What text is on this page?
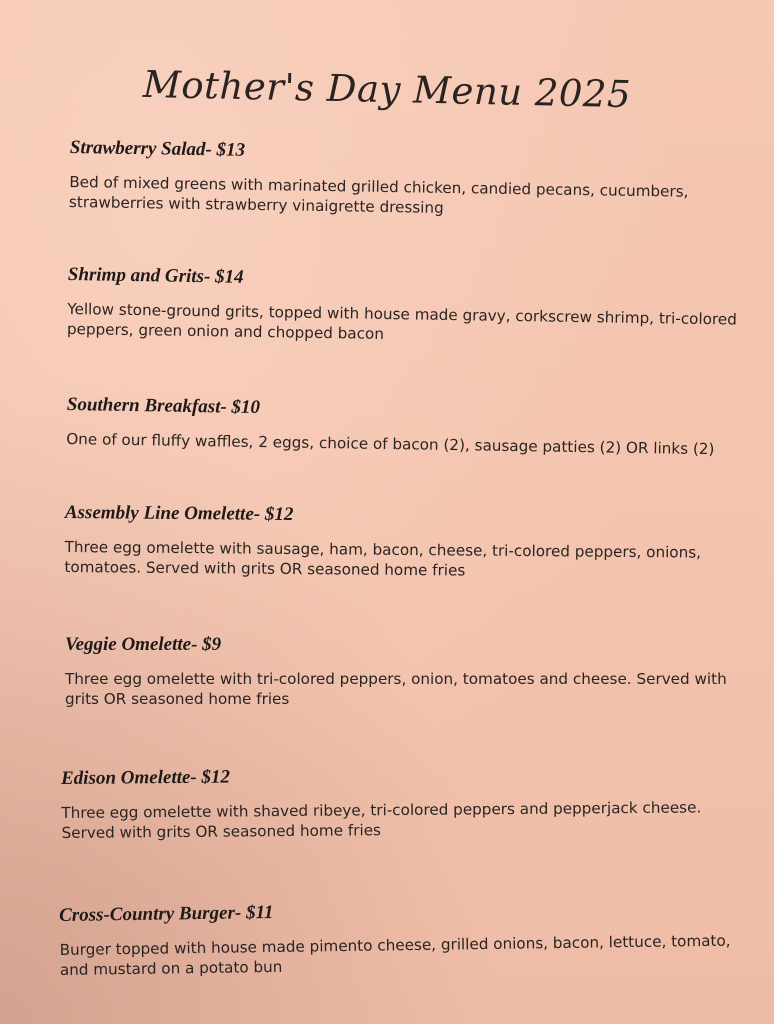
Mother's Day Menu 2025
Strawberry Salad- $13

Bed of mixed greens with marinated grilled chicken, candied pecans, cucumbers, strawberries with strawberry vinaigrette dressing

Shrimp and Grits- $14

Yellow stone-ground grits, topped with house made gravy, corkscrew shrimp, tri-colored peppers, green onion and chopped bacon

Southern Breakfast- $10

One of our fluffy waffles, 2 eggs, choice of bacon (2), sausage patties (2) OR links (2)

Assembly Line Omelette- $12

Three egg omelette with sausage, ham, bacon, cheese, tri-colored peppers, onions, tomatoes. Served with grits OR seasoned home fries

Veggie Omelette- $9

Three egg omelette with tri-colored peppers, onion, tomatoes and cheese. Served with grits OR seasoned home fries

Edison Omelette- $12

Three egg omelette with shaved ribeye, tri-colored peppers and pepperjack cheese. Served with grits OR seasoned home fries

Cross-Country Burger- $11

Burger topped with house made pimento cheese, grilled onions, bacon, lettuce, tomato, and mustard on a potato bun
